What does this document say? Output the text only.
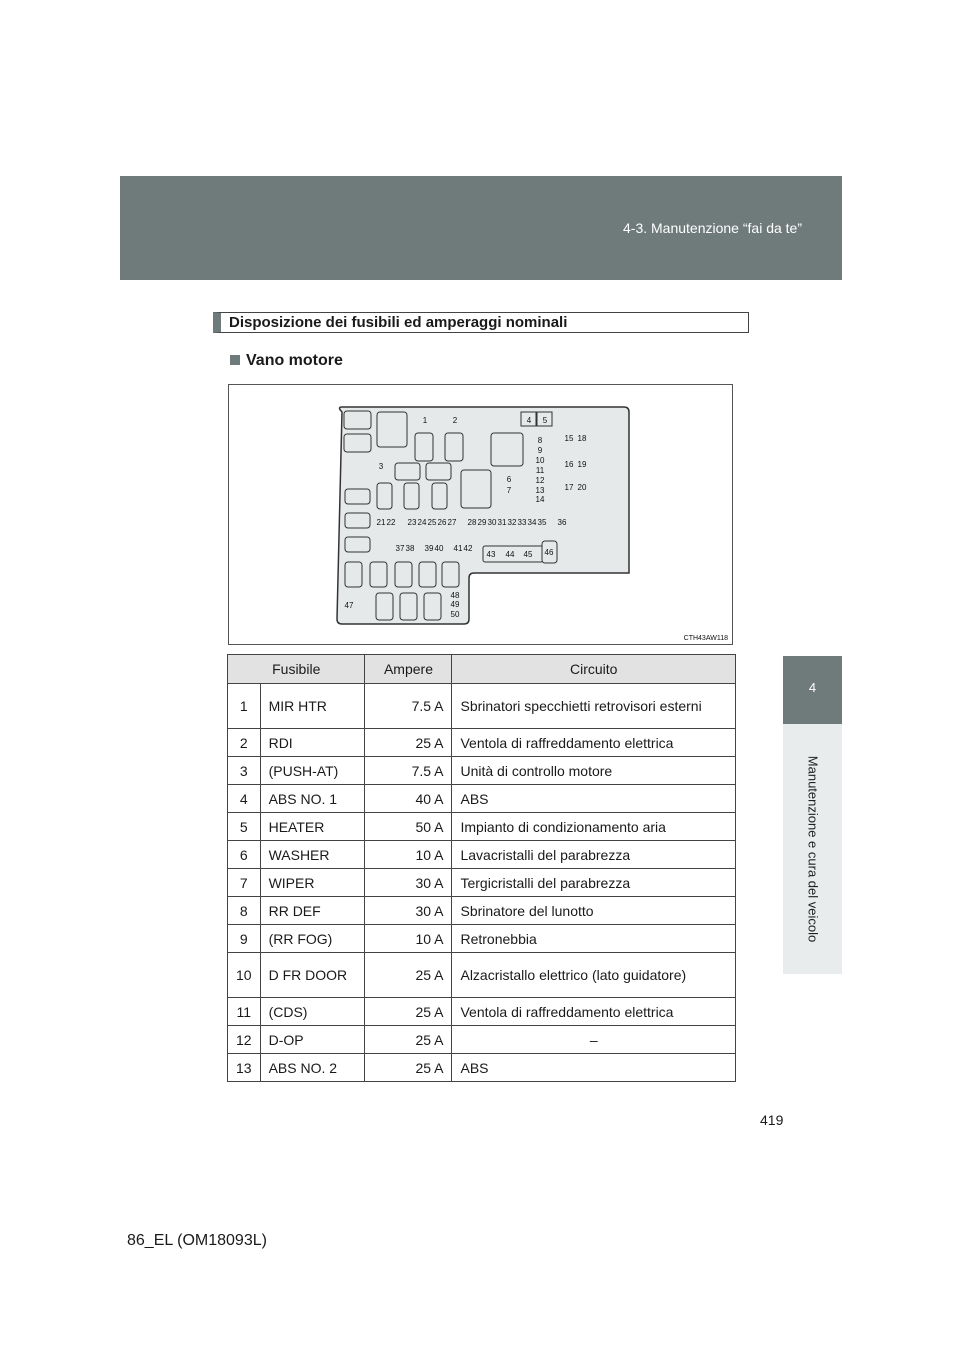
4-3. Manutenzione “fai da te”
4
Manutenzione e cura del veicolo
Disposizione dei fusibili ed amperaggi nominali
Vano motore
1	2
3
4 5
6
7
8
9
10
11
12
13
14
15
16
17
18
19
20
21 22 23 24 25 26 27 28 29 30 31 32 33 34 35 36
37 38 39 40 41 42
43 44 45 46
47
48
49
50
CTH43AW118
Fusibile		Ampere	Circuito
1	MIR HTR	7.5 A	Sbrinatori specchietti retrovisori esterni
2	RDI	25 A	Ventola di raffreddamento elettrica
3	(PUSH-AT)	7.5 A	Unità di controllo motore
4	ABS NO. 1	40 A	ABS
5	HEATER	50 A	Impianto di condizionamento aria
6	WASHER	10 A	Lavacristalli del parabrezza
7	WIPER	30 A	Tergicristalli del parabrezza
8	RR DEF	30 A	Sbrinatore del lunotto
9	(RR FOG)	10 A	Retronebbia
10	D FR DOOR	25 A	Alzacristallo elettrico (lato guidatore)
11	(CDS)	25 A	Ventola di raffreddamento elettrica
12	D-OP	25 A	–
13	ABS NO. 2	25 A	ABS
419
86_EL (OM18093L)
